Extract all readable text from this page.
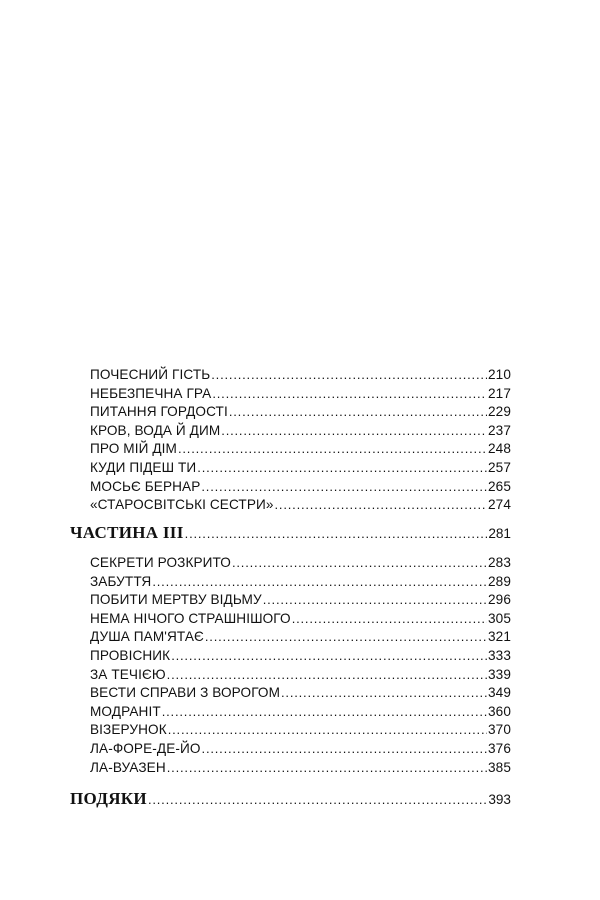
ПОЧЕСНИЙ ГІСТЬ .....	210
НЕБЕЗПЕЧНА ГРА .....	217
ПИТАННЯ ГОРДОСТІ .....	229
КРОВ, ВОДА Й ДИМ .....	237
ПРО МІЙ ДІМ .....	248
КУДИ ПІДЕШ ТИ .....	257
МОСЬЄ БЕРНАР .....	265
«СТАРОСВІТСЬКІ СЕСТРИ» .....	274
ЧАСТИНА ІІІ .....	281
СЕКРЕТИ РОЗКРИТО .....	283
ЗАБУТТЯ .....	289
ПОБИТИ МЕРТВУ ВІДЬМУ .....	296
НЕМА НІЧОГО СТРАШНІШОГО .....	305
ДУША ПАМ'ЯТАЄ .....	321
ПРОВІСНИК .....	333
ЗА ТЕЧІЄЮ .....	339
ВЕСТИ СПРАВИ З ВОРОГОМ .....	349
МОДРАНІТ .....	360
ВІЗЕРУНОК .....	370
ЛА-ФОРЕ-ДЕ-ЙО .....	376
ЛА-ВУАЗЕН .....	385
ПОДЯКИ .....	393
